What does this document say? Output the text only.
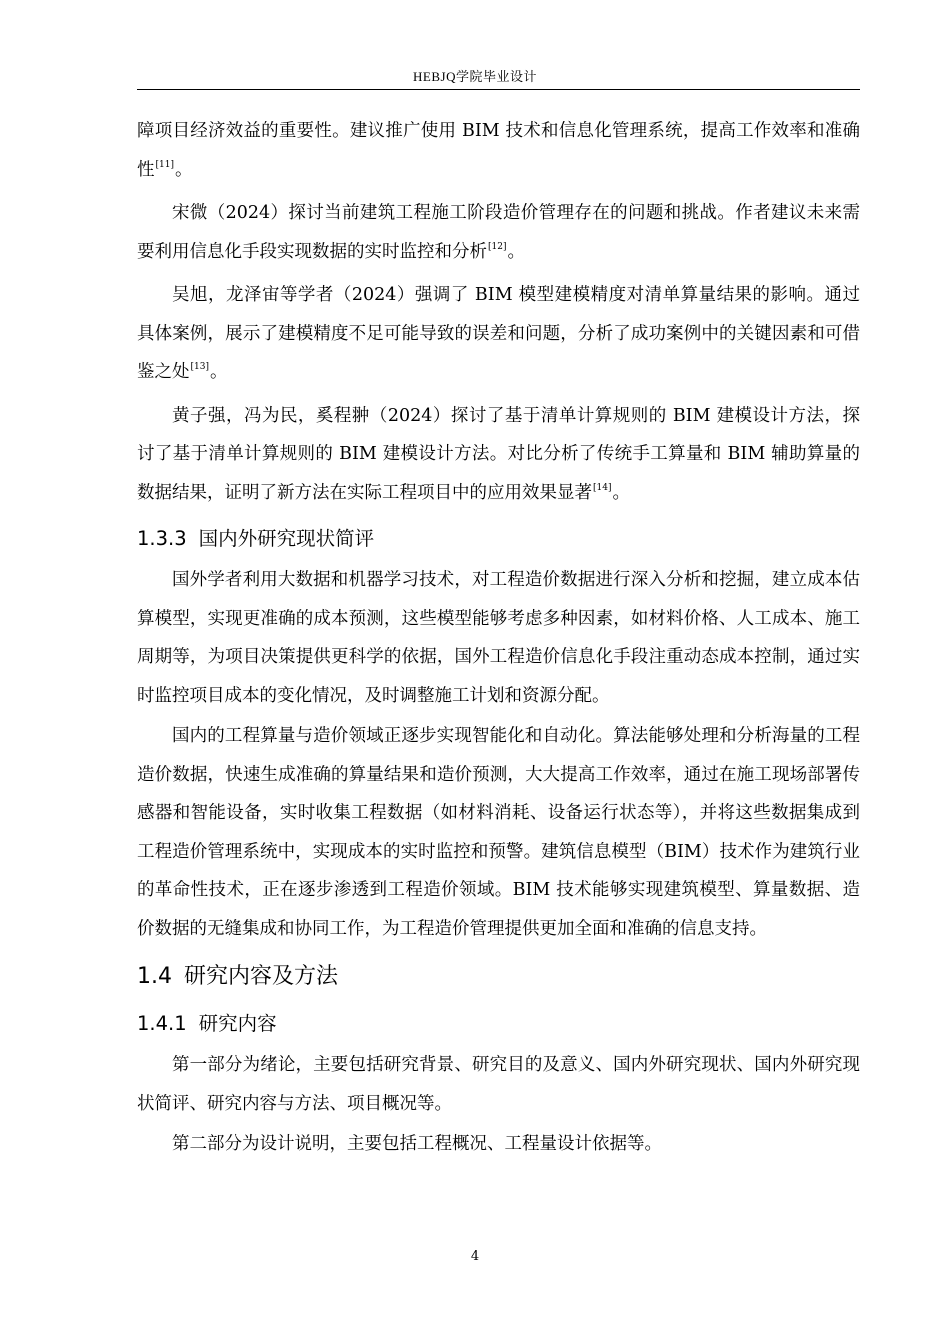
HEBJQ学院毕业设计

障项目经济效益的重要性。建议推广使用 BIM 技术和信息化管理系统，提高工作效率和准确性[11]。

宋微（2024）探讨当前建筑工程施工阶段造价管理存在的问题和挑战。作者建议未来需要利用信息化手段实现数据的实时监控和分析[12]。

吴旭，龙泽宙等学者（2024）强调了 BIM 模型建模精度对清单算量结果的影响。通过具体案例，展示了建模精度不足可能导致的误差和问题，分析了成功案例中的关键因素和可借鉴之处[13]。

黄子强，冯为民，奚程翀（2024）探讨了基于清单计算规则的 BIM 建模设计方法，探讨了基于清单计算规则的 BIM 建模设计方法。对比分析了传统手工算量和 BIM 辅助算量的数据结果，证明了新方法在实际工程项目中的应用效果显著[14]。

1.3.3 国内外研究现状简评

国外学者利用大数据和机器学习技术，对工程造价数据进行深入分析和挖掘，建立成本估算模型，实现更准确的成本预测，这些模型能够考虑多种因素，如材料价格、人工成本、施工周期等，为项目决策提供更科学的依据，国外工程造价信息化手段注重动态成本控制，通过实时监控项目成本的变化情况，及时调整施工计划和资源分配。

国内的工程算量与造价领域正逐步实现智能化和自动化。算法能够处理和分析海量的工程造价数据，快速生成准确的算量结果和造价预测，大大提高工作效率，通过在施工现场部署传感器和智能设备，实时收集工程数据（如材料消耗、设备运行状态等），并将这些数据集成到工程造价管理系统中，实现成本的实时监控和预警。建筑信息模型（BIM）技术作为建筑行业的革命性技术，正在逐步渗透到工程造价领域。BIM 技术能够实现建筑模型、算量数据、造价数据的无缝集成和协同工作，为工程造价管理提供更加全面和准确的信息支持。

1.4 研究内容及方法
1.4.1 研究内容

第一部分为绪论，主要包括研究背景、研究目的及意义、国内外研究现状、国内外研究现状简评、研究内容与方法、项目概况等。

第二部分为设计说明，主要包括工程概况、工程量设计依据等。

4
